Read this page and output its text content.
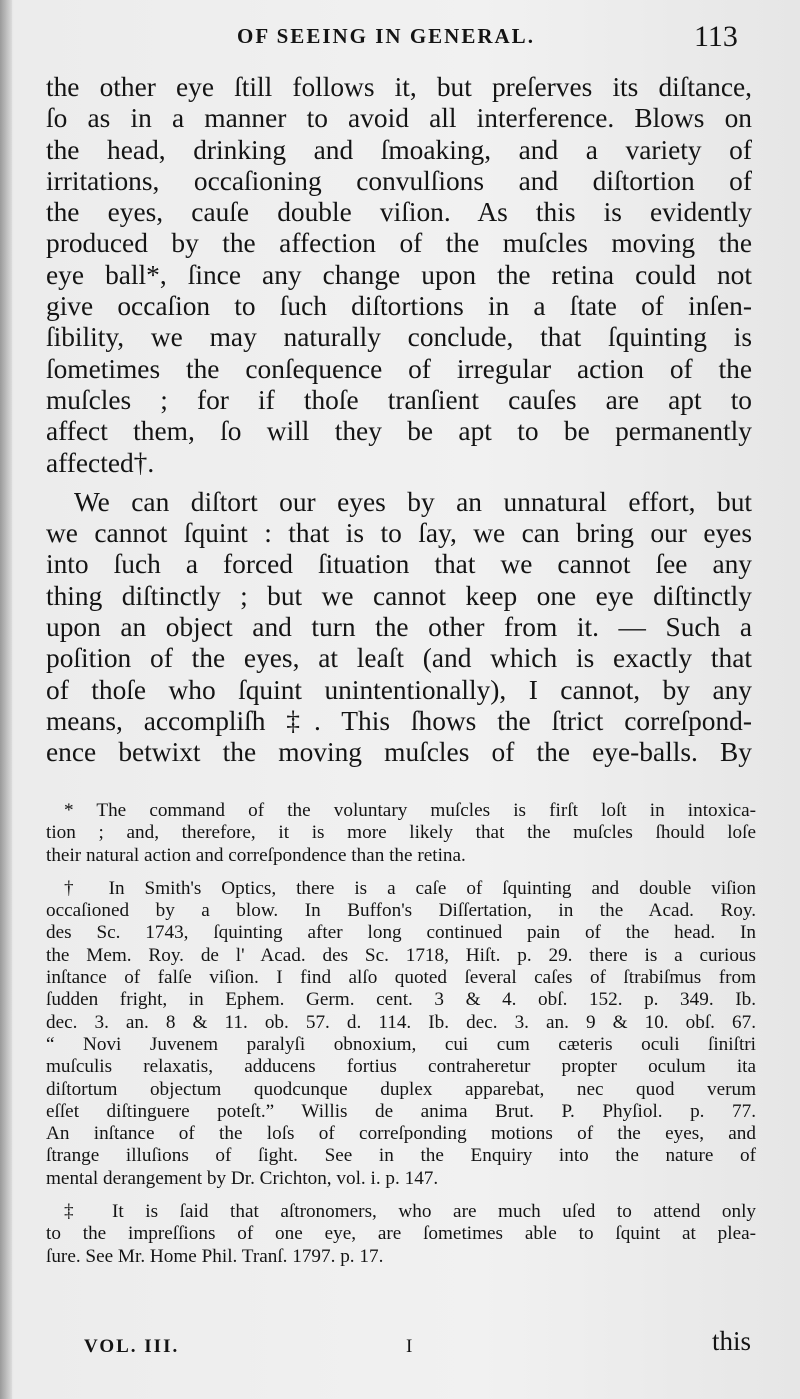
OF SEEING IN GENERAL.	113

the other eye ſtill follows it, but preſerves its diſtance,
ſo as in a manner to avoid all interference. Blows on
the head, drinking and ſmoaking, and a variety of
irritations, occaſioning convulſions and diſtortion of
the eyes, cauſe double viſion. As this is evidently
produced by the affection of the muſcles moving the
eye ball*, ſince any change upon the retina could not
give occaſion to ſuch diſtortions in a ſtate of inſen-
ſibility, we may naturally conclude, that ſquinting is
ſometimes the conſequence of irregular action of the
muſcles ; for if thoſe tranſient cauſes are apt to
affect them, ſo will they be apt to be permanently
affected†.

We can diſtort our eyes by an unnatural effort, but
we cannot ſquint : that is to ſay, we can bring our eyes
into ſuch a forced ſituation that we cannot ſee any
thing diſtinctly ; but we cannot keep one eye diſtinctly
upon an object and turn the other from it. — Such a
poſition of the eyes, at leaſt (and which is exactly that
of thoſe who ſquint unintentionally), I cannot, by any
means, accompliſh ‡. This ſhows the ſtrict correſpond-
ence betwixt the moving muſcles of the eye-balls. By

* The command of the voluntary muſcles is firſt loſt in intoxica-
tion ; and, therefore, it is more likely that the muſcles ſhould loſe
their natural action and correſpondence than the retina.
† In Smith's Optics, there is a caſe of ſquinting and double viſion
occaſioned by a blow. In Buffon's Diſſertation, in the Acad. Roy.
des Sc. 1743, ſquinting after long continued pain of the head. In
the Mem. Roy. de l' Acad. des Sc. 1718, Hiſt. p. 29. there is a curious
inſtance of falſe viſion. I find alſo quoted ſeveral caſes of ſtrabiſmus from
ſudden fright, in Ephem. Germ. cent. 3 & 4. obſ. 152. p. 349. Ib.
dec. 3. an. 8 & 11. ob. 57. d. 114. Ib. dec. 3. an. 9 & 10. obſ. 67.
“ Novi Juvenem paralyſi obnoxium, cui cum cæteris oculi ſiniſtri
muſculis relaxatis, adducens fortius contraheretur propter oculum ita
diſtortum objectum quodcunque duplex apparebat, nec quod verum
eſſet diſtinguere poteſt.” Willis de anima Brut. P. Phyſiol. p. 77.
An inſtance of the loſs of correſponding motions of the eyes, and
ſtrange illuſions of ſight. See in the Enquiry into the nature of
mental derangement by Dr. Crichton, vol. i. p. 147.
‡ It is ſaid that aſtronomers, who are much uſed to attend only
to the impreſſions of one eye, are ſometimes able to ſquint at plea-
ſure. See Mr. Home Phil. Tranſ. 1797. p. 17.
VOL. III.	I	this
